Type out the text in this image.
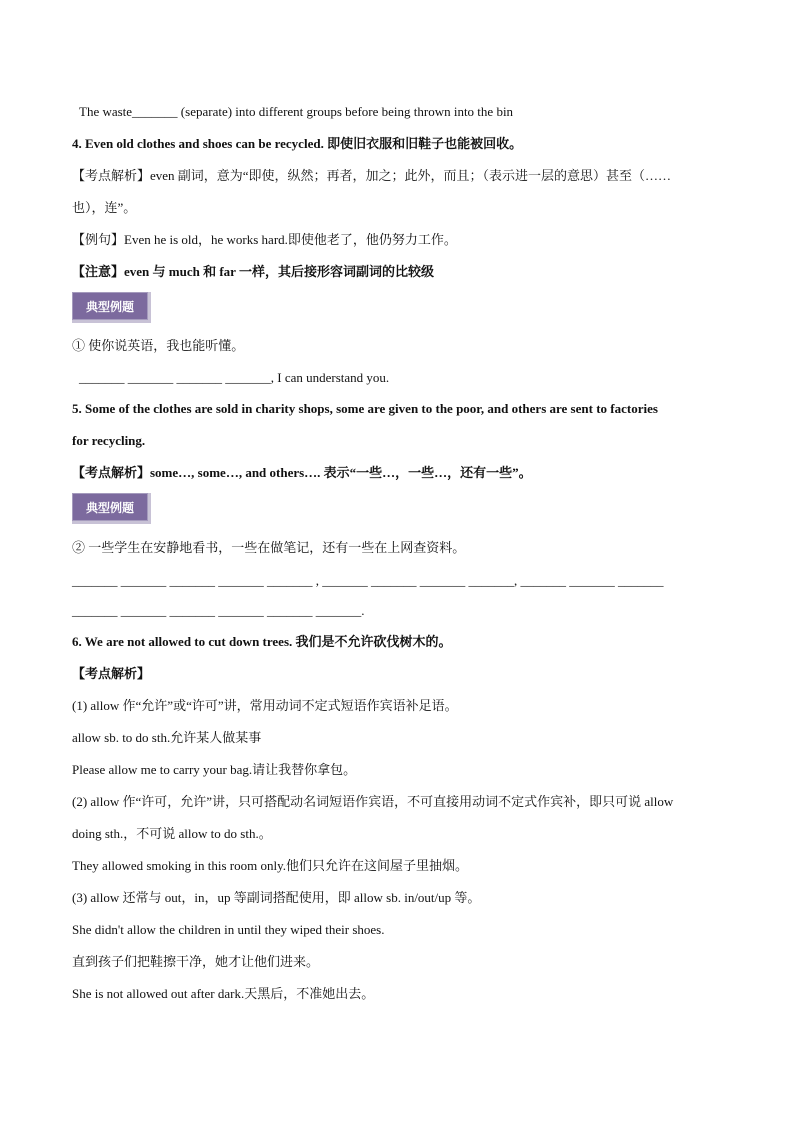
The waste_______ (separate) into different groups before being thrown into the bin
4. Even old clothes and shoes can be recycled. 即使旧衣服和旧鞋子也能被回收。
【考点解析】even 副词，意为“即使，纵然；再者，加之；此外，而且；（表示进一层的意思）甚至（……
也），连”。
【例句】Even he is old，he works hard.即使他老了，他仍努力工作。
【注意】even 与 much 和 far 一样，其后接形容词副词的比较级
典型例题
① 使你说英语，我也能听懂。
_______ _______ _______ _______, I can understand you.
5. Some of the clothes are sold in charity shops, some are given to the poor, and others are sent to factories
for recycling.
【考点解析】some…, some…, and others…. 表示“一些…，一些…，还有一些”。
典型例题
② 一些学生在安静地看书，一些在做笔记，还有一些在上网查资料。
_______ _______ _______ _______ _______ , _______ _______ _______ _______, _______ _______ _______
_______ _______ _______ _______ _______ _______.
6. We are not allowed to cut down trees. 我们是不允许砍伐树木的。
【考点解析】
(1) allow 作“允许”或“许可”讲，常用动词不定式短语作宾语补足语。
allow sb. to do sth.允许某人做某事
Please allow me to carry your bag.请让我替你拿包。
(2) allow 作“许可，允许”讲，只可搭配动名词短语作宾语，不可直接用动词不定式作宾补，即只可说 allow
doing sth.，不可说 allow to do sth.。
They allowed smoking in this room only.他们只允许在这间屋子里抽烟。
(3) allow 还常与 out，in，up 等副词搭配使用，即 allow sb. in/out/up 等。
She didn't allow the children in until they wiped their shoes.
直到孩子们把鞋擦干净，她才让他们进来。
She is not allowed out after dark.天黑后，不准她出去。
